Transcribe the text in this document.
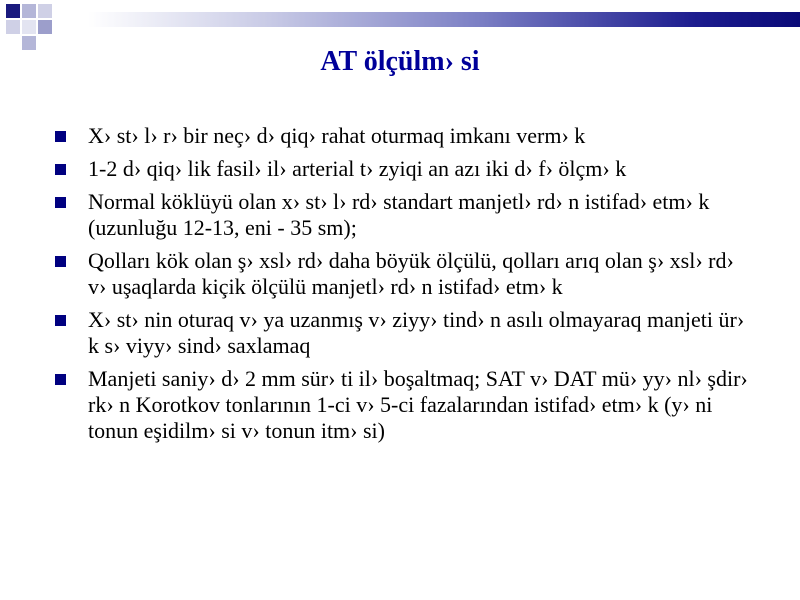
AT ölçülm› si
X› st› l› r› bir neç› d› qiq› rahat oturmaq imkanı verm› k
1-2 d› qiq› lik fasil› il› arterial t› zyiqi an azı iki d› f› ölçm› k
Normal köklüyü olan x› st› l› rd› standart manjetl› rd› n istifad› etm› k (uzunluğu 12-13, eni - 35 sm);
Qolları kök olan ş› xsl› rd› daha böyük ölçülü, qolları arıq olan ş› xsl› rd› v› uşaqlarda kiçik ölçülü manjetl› rd› n istifad› etm› k
X› st› nin oturaq v› ya uzanmış v› ziyy› tind› n asılı olmayaraq manjeti ür› k s› viyy› sind› saxlamaq
Manjeti saniy› d› 2 mm sür› ti il› boşaltmaq; SAT v› DAT mü› yy› nl› şdir› rk› n Korotkov tonlarının 1-ci v› 5-ci fazalarından istifad› etm› k (y› ni tonun eşidilm› si v› tonun itm› si)
